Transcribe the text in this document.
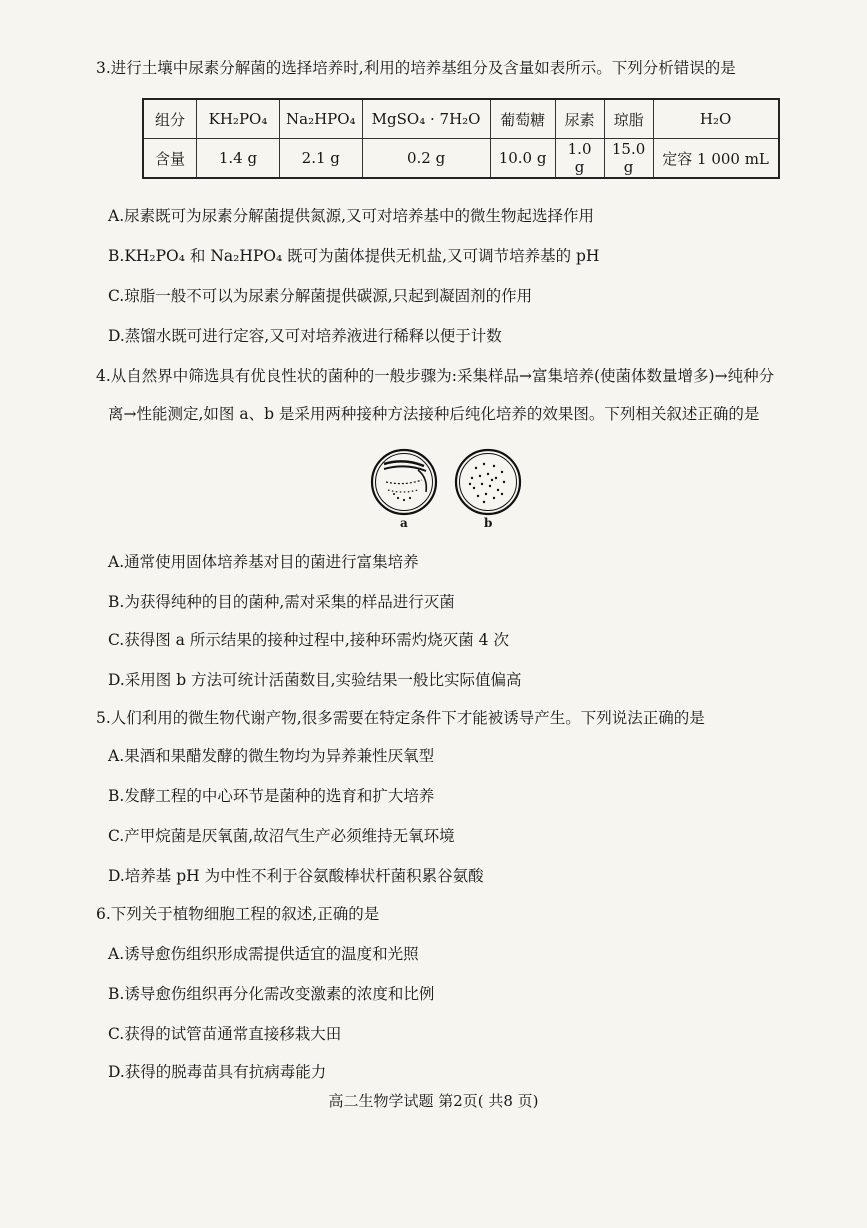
3.进行土壤中尿素分解菌的选择培养时,利用的培养基组分及含量如表所示。下列分析错误的是
组分	KH₂PO₄	Na₂HPO₄	MgSO₄ · 7H₂O	葡萄糖	尿素	琼脂	H₂O
含量	1.4 g	2.1 g	0.2 g	10.0 g	1.0 g	15.0 g	定容 1 000 mL
A.尿素既可为尿素分解菌提供氮源,又可对培养基中的微生物起选择作用
B.KH₂PO₄ 和 Na₂HPO₄ 既可为菌体提供无机盐,又可调节培养基的 pH
C.琼脂一般不可以为尿素分解菌提供碳源,只起到凝固剂的作用
D.蒸馏水既可进行定容,又可对培养液进行稀释以便于计数
4.从自然界中筛选具有优良性状的菌种的一般步骤为:采集样品→富集培养(使菌体数量增多)→纯种分
离→性能测定,如图 a、b 是采用两种接种方法接种后纯化培养的效果图。下列相关叙述正确的是
a	b
A.通常使用固体培养基对目的菌进行富集培养
B.为获得纯种的目的菌种,需对采集的样品进行灭菌
C.获得图 a 所示结果的接种过程中,接种环需灼烧灭菌 4 次
D.采用图 b 方法可统计活菌数目,实验结果一般比实际值偏高
5.人们利用的微生物代谢产物,很多需要在特定条件下才能被诱导产生。下列说法正确的是
A.果酒和果醋发酵的微生物均为异养兼性厌氧型
B.发酵工程的中心环节是菌种的选育和扩大培养
C.产甲烷菌是厌氧菌,故沼气生产必须维持无氧环境
D.培养基 pH 为中性不利于谷氨酸棒状杆菌积累谷氨酸
6.下列关于植物细胞工程的叙述,正确的是
A.诱导愈伤组织形成需提供适宜的温度和光照
B.诱导愈伤组织再分化需改变激素的浓度和比例
C.获得的试管苗通常直接移栽大田
D.获得的脱毒苗具有抗病毒能力
高二生物学试题 第2页( 共8 页)
